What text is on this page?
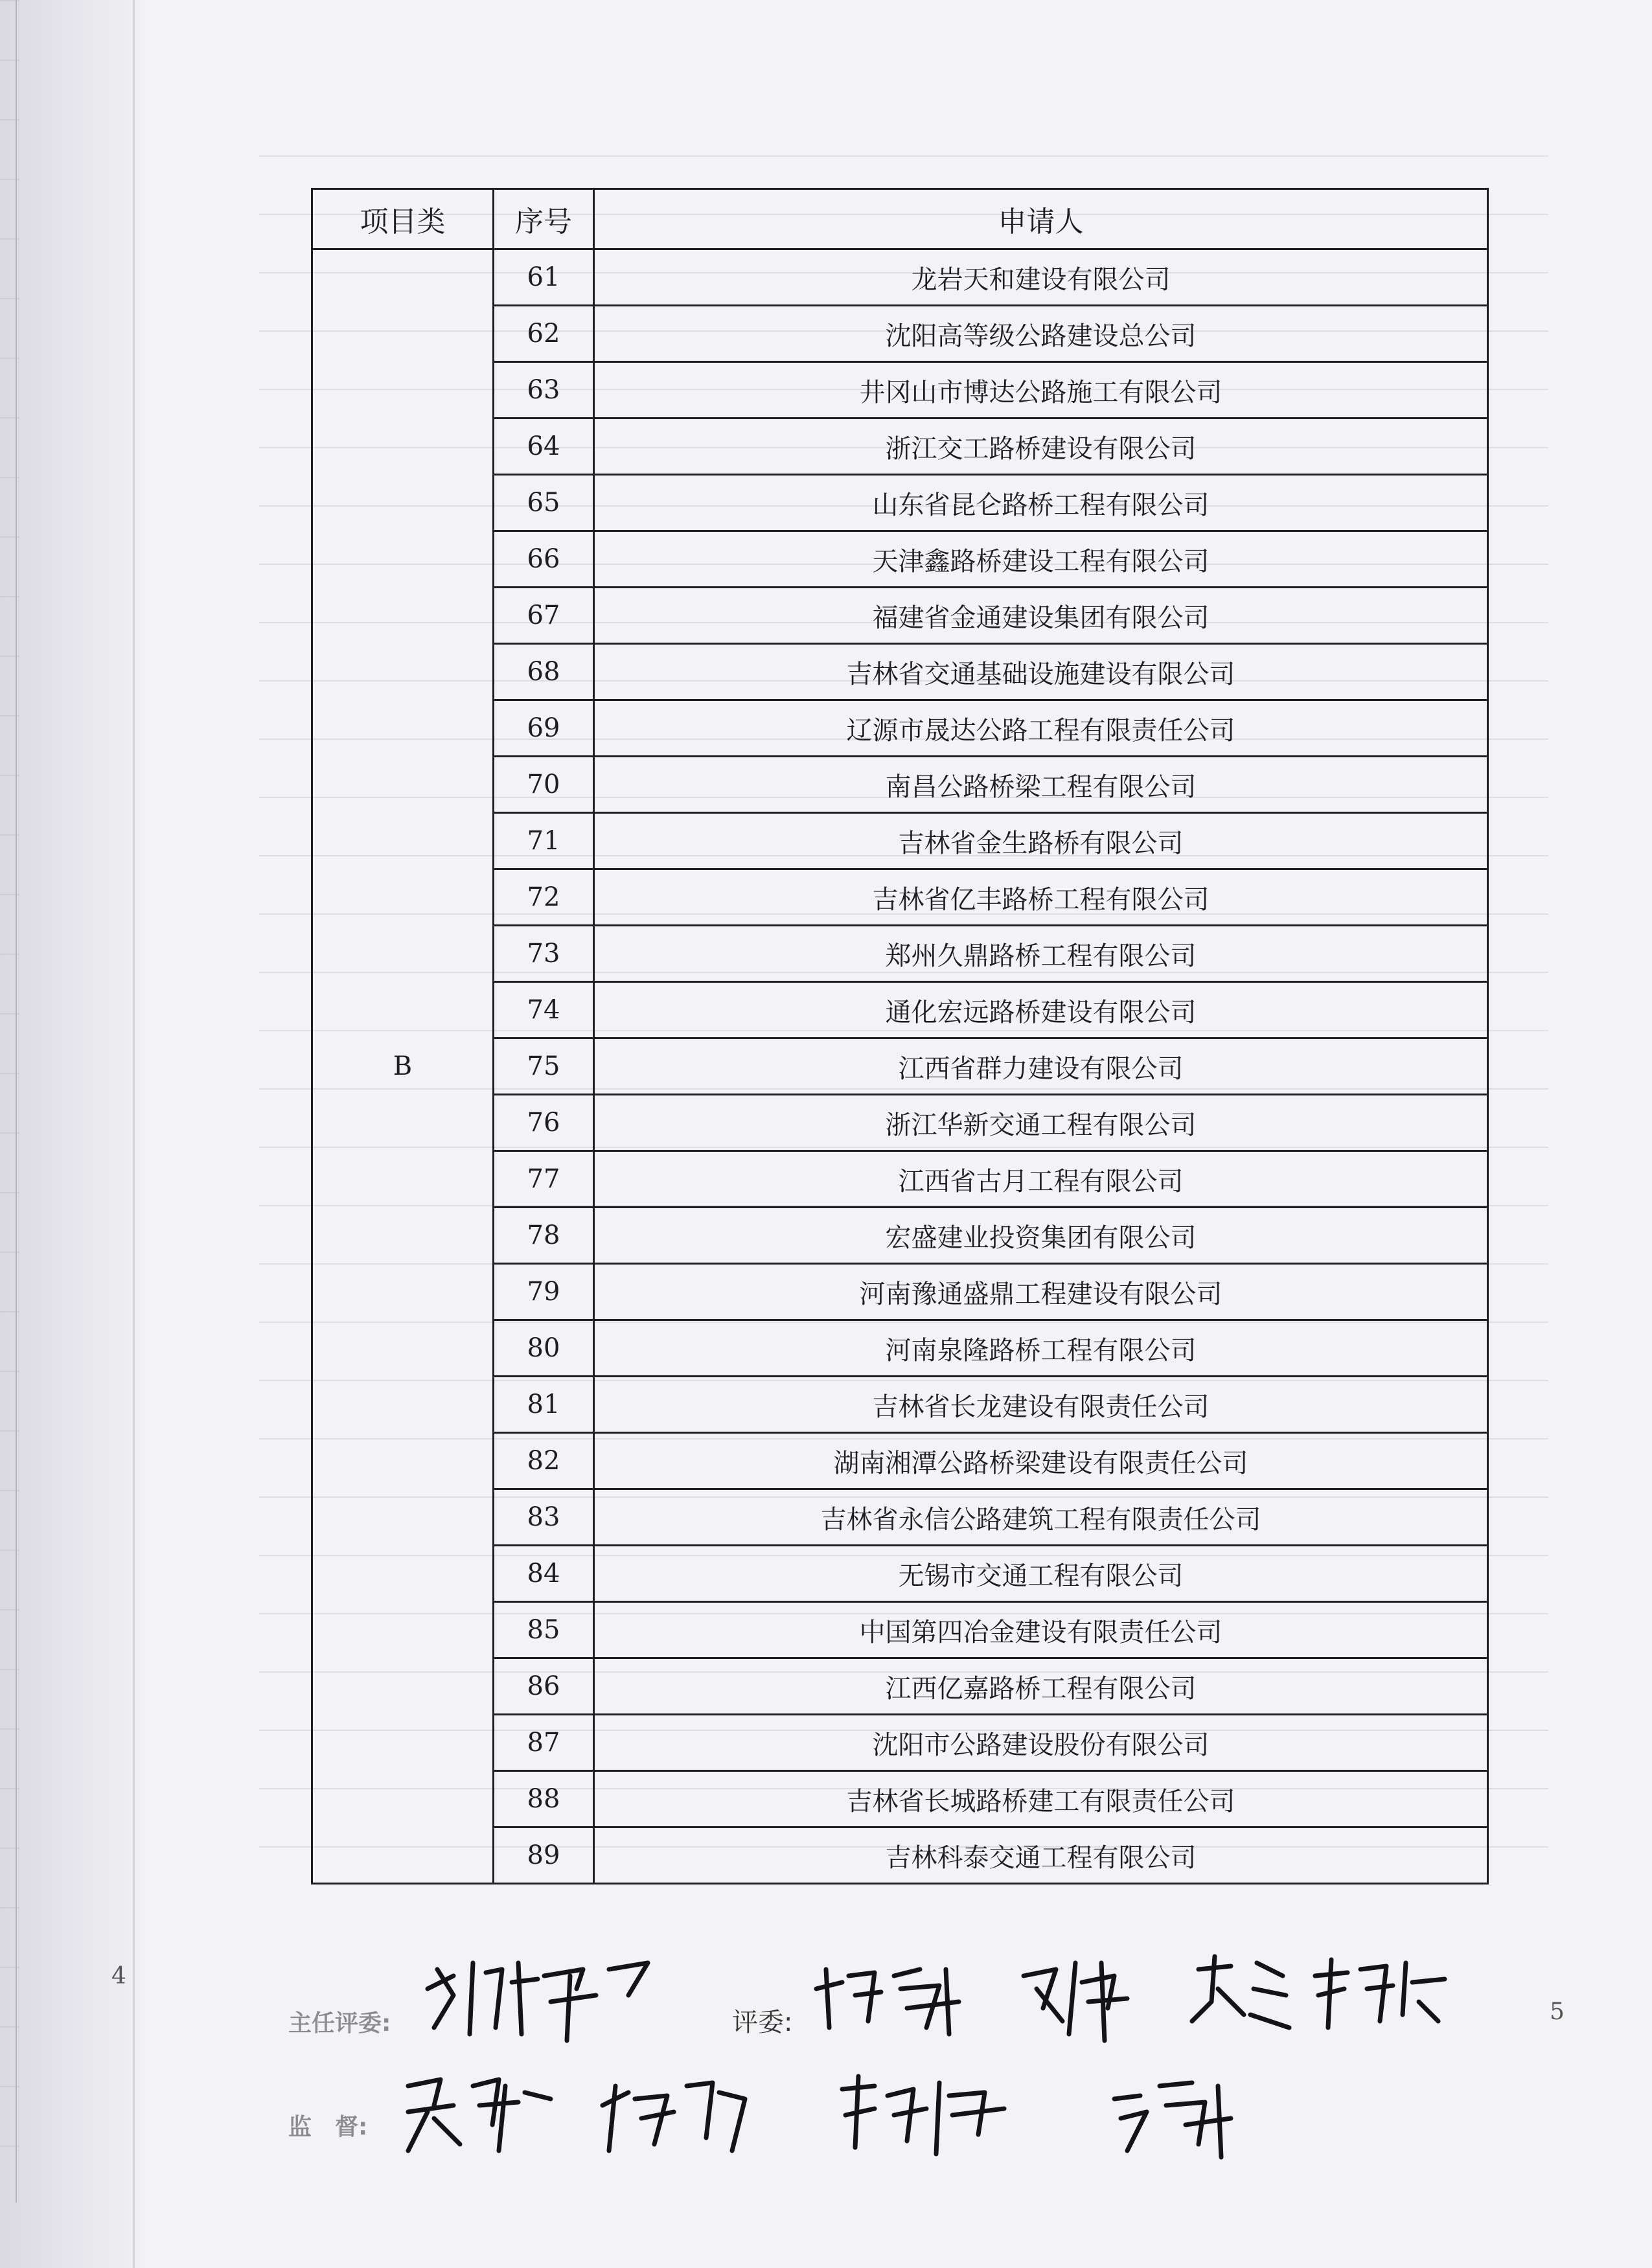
项目类	序号	申请人
B	61	龙岩天和建设有限公司
	62	沈阳高等级公路建设总公司
	63	井冈山市博达公路施工有限公司
	64	浙江交工路桥建设有限公司
	65	山东省昆仑路桥工程有限公司
	66	天津鑫路桥建设工程有限公司
	67	福建省金通建设集团有限公司
	68	吉林省交通基础设施建设有限公司
	69	辽源市晟达公路工程有限责任公司
	70	南昌公路桥梁工程有限公司
	71	吉林省金生路桥有限公司
	72	吉林省亿丰路桥工程有限公司
	73	郑州久鼎路桥工程有限公司
	74	通化宏远路桥建设有限公司
	75	江西省群力建设有限公司
	76	浙江华新交通工程有限公司
	77	江西省古月工程有限公司
	78	宏盛建业投资集团有限公司
	79	河南豫通盛鼎工程建设有限公司
	80	河南泉隆路桥工程有限公司
	81	吉林省长龙建设有限责任公司
	82	湖南湘潭公路桥梁建设有限责任公司
	83	吉林省永信公路建筑工程有限责任公司
	84	无锡市交通工程有限公司
	85	中国第四冶金建设有限责任公司
	86	江西亿嘉路桥工程有限公司
	87	沈阳市公路建设股份有限公司
	88	吉林省长城路桥建工有限责任公司
	89	吉林科泰交通工程有限公司
4
5
主任评委:	评委:
监　督:
